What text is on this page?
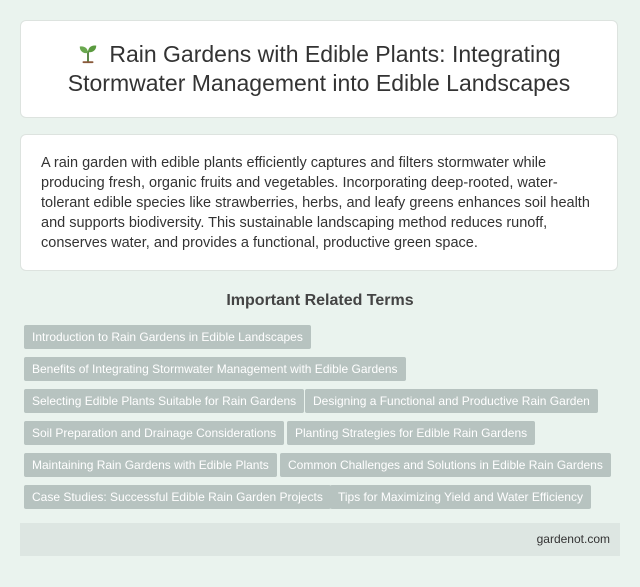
Rain Gardens with Edible Plants: Integrating Stormwater Management into Edible Landscapes

A rain garden with edible plants efficiently captures and filters stormwater while producing fresh, organic fruits and vegetables. Incorporating deep-rooted, water-tolerant edible species like strawberries, herbs, and leafy greens enhances soil health and supports biodiversity. This sustainable landscaping method reduces runoff, conserves water, and provides a functional, productive green space.

Important Related Terms
Introduction to Rain Gardens in Edible Landscapes
Benefits of Integrating Stormwater Management with Edible Gardens
Selecting Edible Plants Suitable for Rain Gardens	Designing a Functional and Productive Rain Garden
Soil Preparation and Drainage Considerations	Planting Strategies for Edible Rain Gardens
Maintaining Rain Gardens with Edible Plants	Common Challenges and Solutions in Edible Rain Gardens
Case Studies: Successful Edible Rain Garden Projects	Tips for Maximizing Yield and Water Efficiency
gardenot.com
